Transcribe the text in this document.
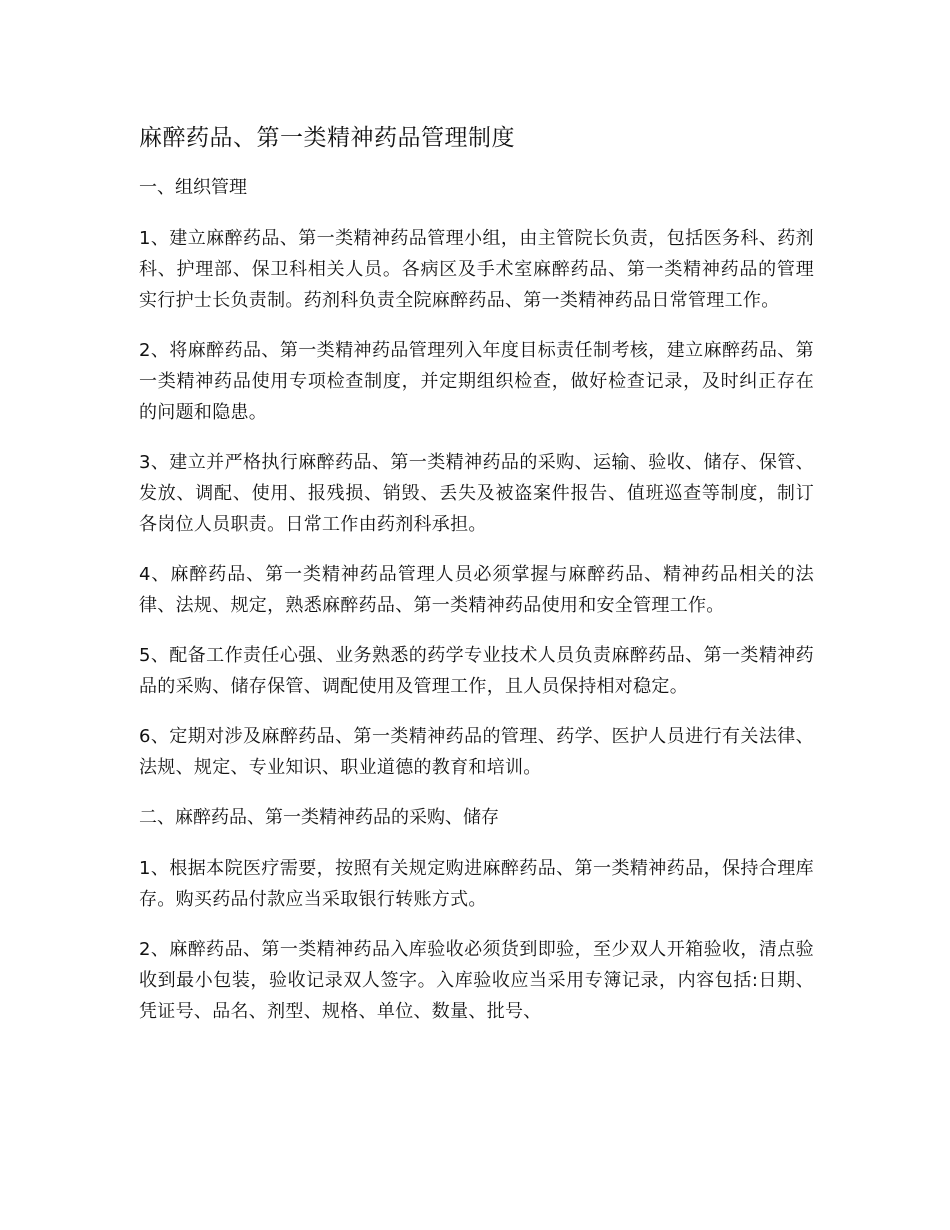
麻醉药品、第一类精神药品管理制度

一、组织管理

1、建立麻醉药品、第一类精神药品管理小组，由主管院长负责，包括医务科、药剂科、护理部、保卫科相关人员。各病区及手术室麻醉药品、第一类精神药品的管理实行护士长负责制。药剂科负责全院麻醉药品、第一类精神药品日常管理工作。

2、将麻醉药品、第一类精神药品管理列入年度目标责任制考核，建立麻醉药品、第一类精神药品使用专项检查制度，并定期组织检查，做好检查记录，及时纠正存在的问题和隐患。

3、建立并严格执行麻醉药品、第一类精神药品的采购、运输、验收、储存、保管、发放、调配、使用、报残损、销毁、丢失及被盗案件报告、值班巡查等制度，制订各岗位人员职责。日常工作由药剂科承担。

4、麻醉药品、第一类精神药品管理人员必须掌握与麻醉药品、精神药品相关的法律、法规、规定，熟悉麻醉药品、第一类精神药品使用和安全管理工作。

5、配备工作责任心强、业务熟悉的药学专业技术人员负责麻醉药品、第一类精神药品的采购、储存保管、调配使用及管理工作，且人员保持相对稳定。

6、定期对涉及麻醉药品、第一类精神药品的管理、药学、医护人员进行有关法律、法规、规定、专业知识、职业道德的教育和培训。

二、麻醉药品、第一类精神药品的采购、储存

1、根据本院医疗需要，按照有关规定购进麻醉药品、第一类精神药品，保持合理库存。购买药品付款应当采取银行转账方式。

2、麻醉药品、第一类精神药品入库验收必须货到即验，至少双人开箱验收，清点验收到最小包装，验收记录双人签字。入库验收应当采用专簿记录，内容包括:日期、凭证号、品名、剂型、规格、单位、数量、批号、
